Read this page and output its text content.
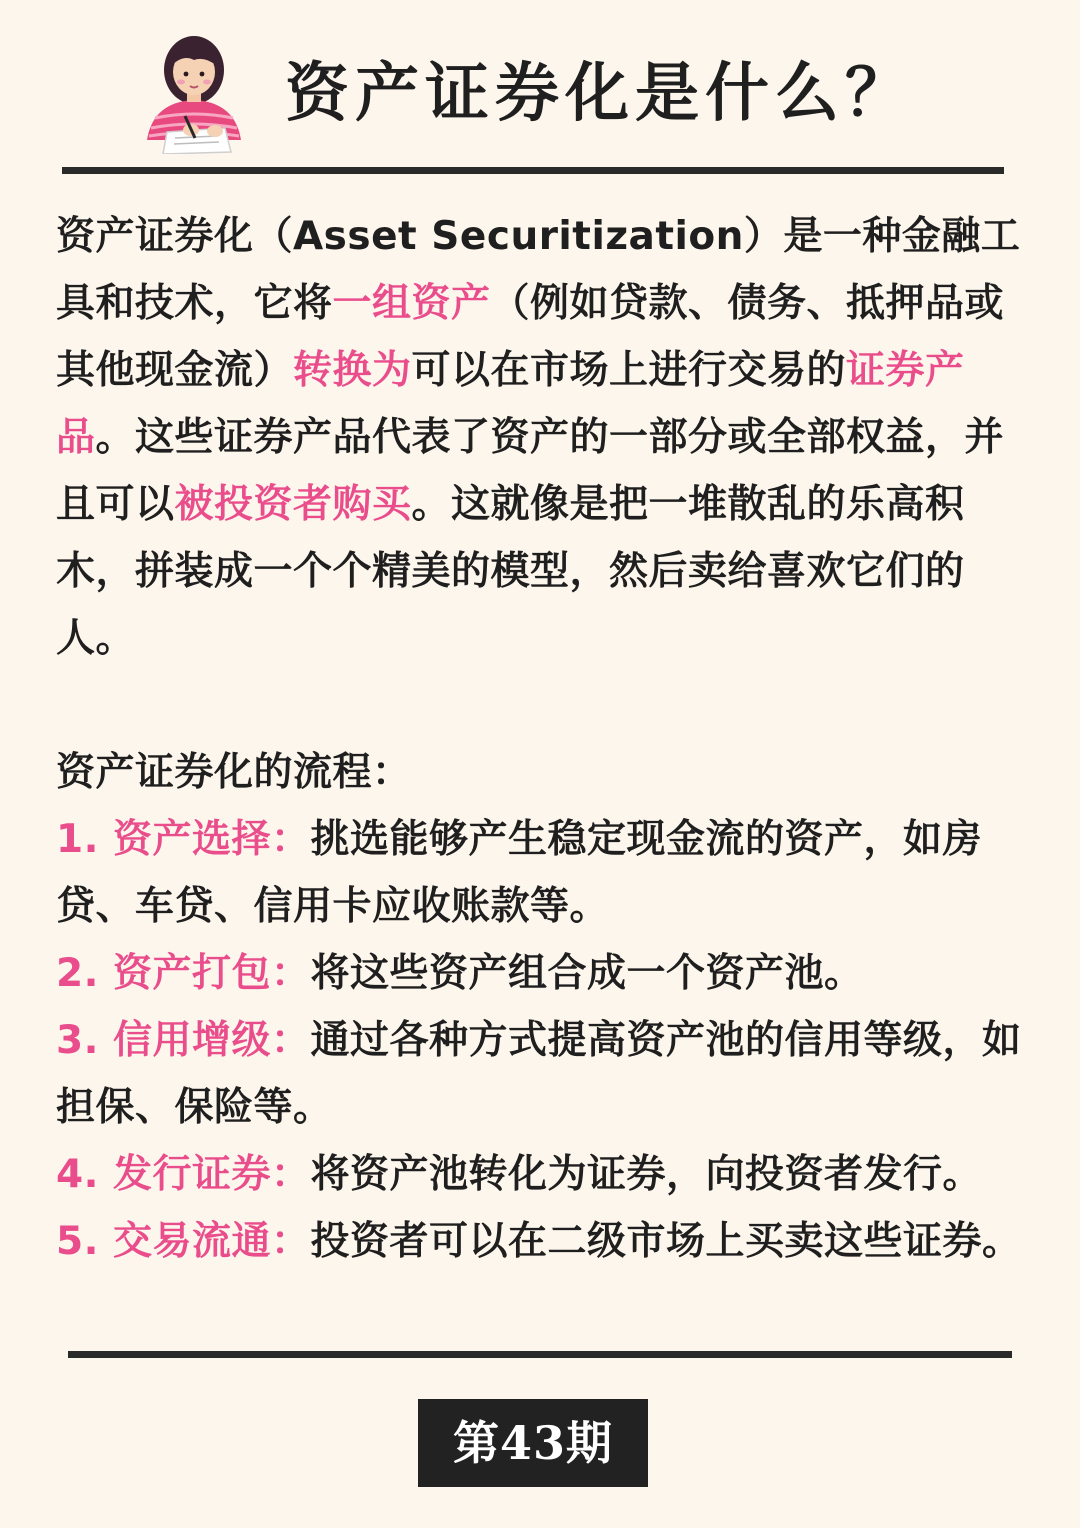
资产证券化是什么？

资产证券化（Asset Securitization）是一种金融工具和技术，它将一组资产（例如贷款、债务、抵押品或其他现金流）转换为可以在市场上进行交易的证券产品。这些证券产品代表了资产的一部分或全部权益，并且可以被投资者购买。这就像是把一堆散乱的乐高积木，拼装成一个个精美的模型，然后卖给喜欢它们的人。

资产证券化的流程：

1. 资产选择：挑选能够产生稳定现金流的资产，如房贷、车贷、信用卡应收账款等。
2. 资产打包：将这些资产组合成一个资产池。
3. 信用增级：通过各种方式提高资产池的信用等级，如担保、保险等。
4. 发行证券：将资产池转化为证券，向投资者发行。
5. 交易流通：投资者可以在二级市场上买卖这些证券。
第43期
